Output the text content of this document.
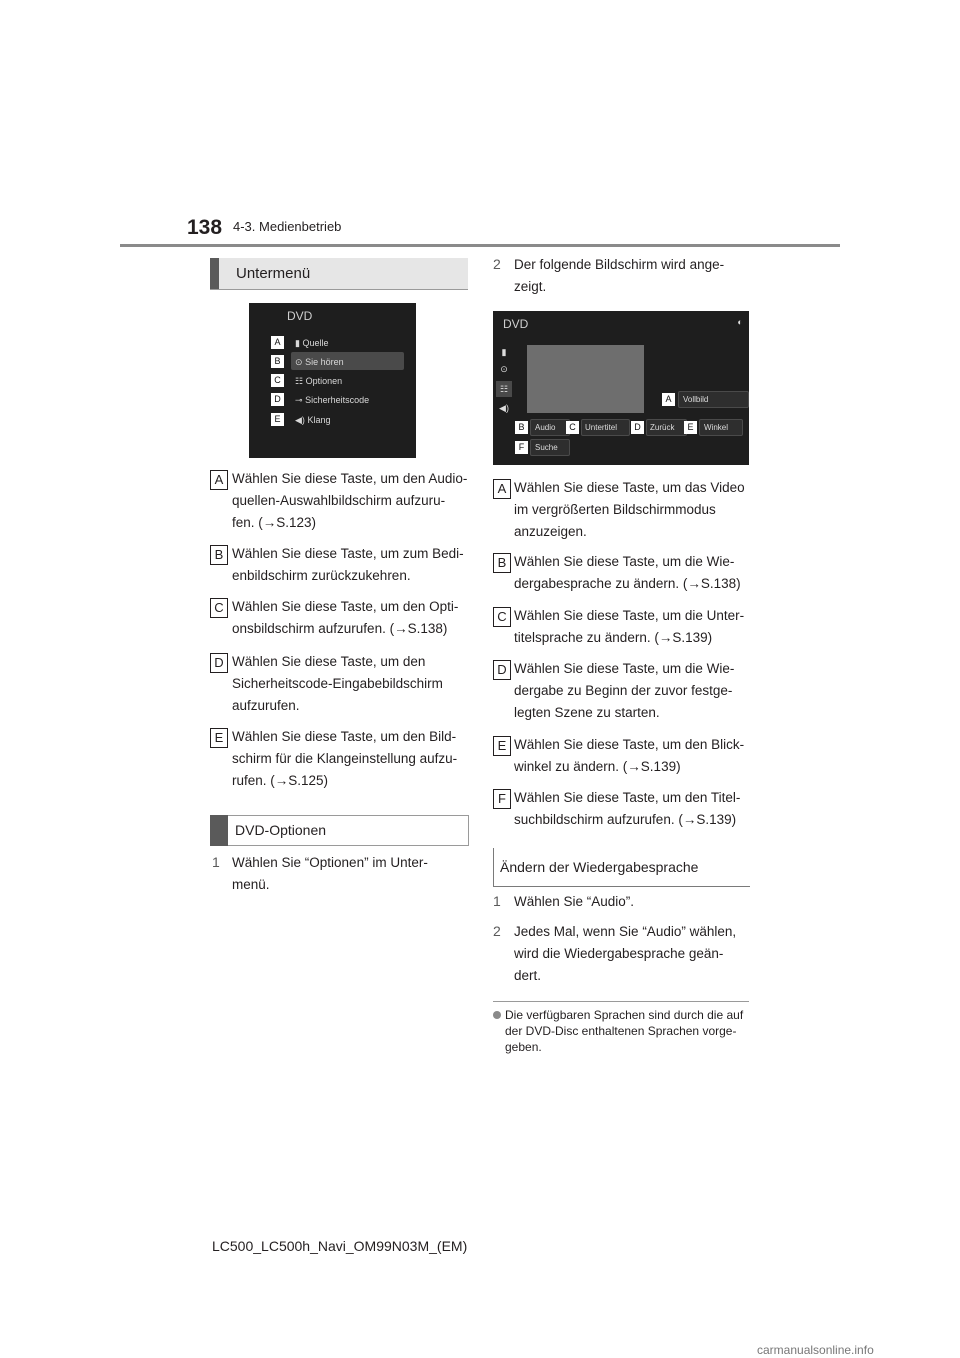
138 4-3. Medienbetrieb
Untermenü
DVD
A	▮ Quelle
B	⊙ Sie hören
C	☷ Optionen
D	⊸ Sicherheitscode
E	◀) Klang
A Wählen Sie diese Taste, um den Audio-
quellen-Auswahlbildschirm aufzuru-
fen. (→S.123)
B Wählen Sie diese Taste, um zum Bedi-
enbildschirm zurückzukehren.
C Wählen Sie diese Taste, um den Opti-
onsbildschirm aufzurufen. (→S.138)
D Wählen Sie diese Taste, um den
Sicherheitscode-Eingabebildschirm
aufzurufen.
E Wählen Sie diese Taste, um den Bild-
schirm für die Klangeinstellung aufzu-
rufen. (→S.125)
DVD-Optionen
1 Wählen Sie “Optionen” im Unter-
menü.
2 Der folgende Bildschirm wird ange-
zeigt.
DVD	◐
▮
⊙
☷
◀)
A	Vollbild
B	Audio	C	Untertitel	D	Zurück	E	Winkel
F	Suche
A Wählen Sie diese Taste, um das Video
im vergrößerten Bildschirmmodus
anzuzeigen.
B Wählen Sie diese Taste, um die Wie-
dergabesprache zu ändern. (→S.138)
C Wählen Sie diese Taste, um die Unter-
titelsprache zu ändern. (→S.139)
D Wählen Sie diese Taste, um die Wie-
dergabe zu Beginn der zuvor festge-
legten Szene zu starten.
E Wählen Sie diese Taste, um den Blick-
winkel zu ändern. (→S.139)
F Wählen Sie diese Taste, um den Titel-
suchbildschirm aufzurufen. (→S.139)
Ändern der Wiedergabesprache
1 Wählen Sie “Audio”.
2 Jedes Mal, wenn Sie “Audio” wählen,
wird die Wiedergabesprache geän-
dert.
Die verfügbaren Sprachen sind durch die auf
der DVD-Disc enthaltenen Sprachen vorge-
geben.
LC500_LC500h_Navi_OM99N03M_(EM)
carmanualsonline.info
